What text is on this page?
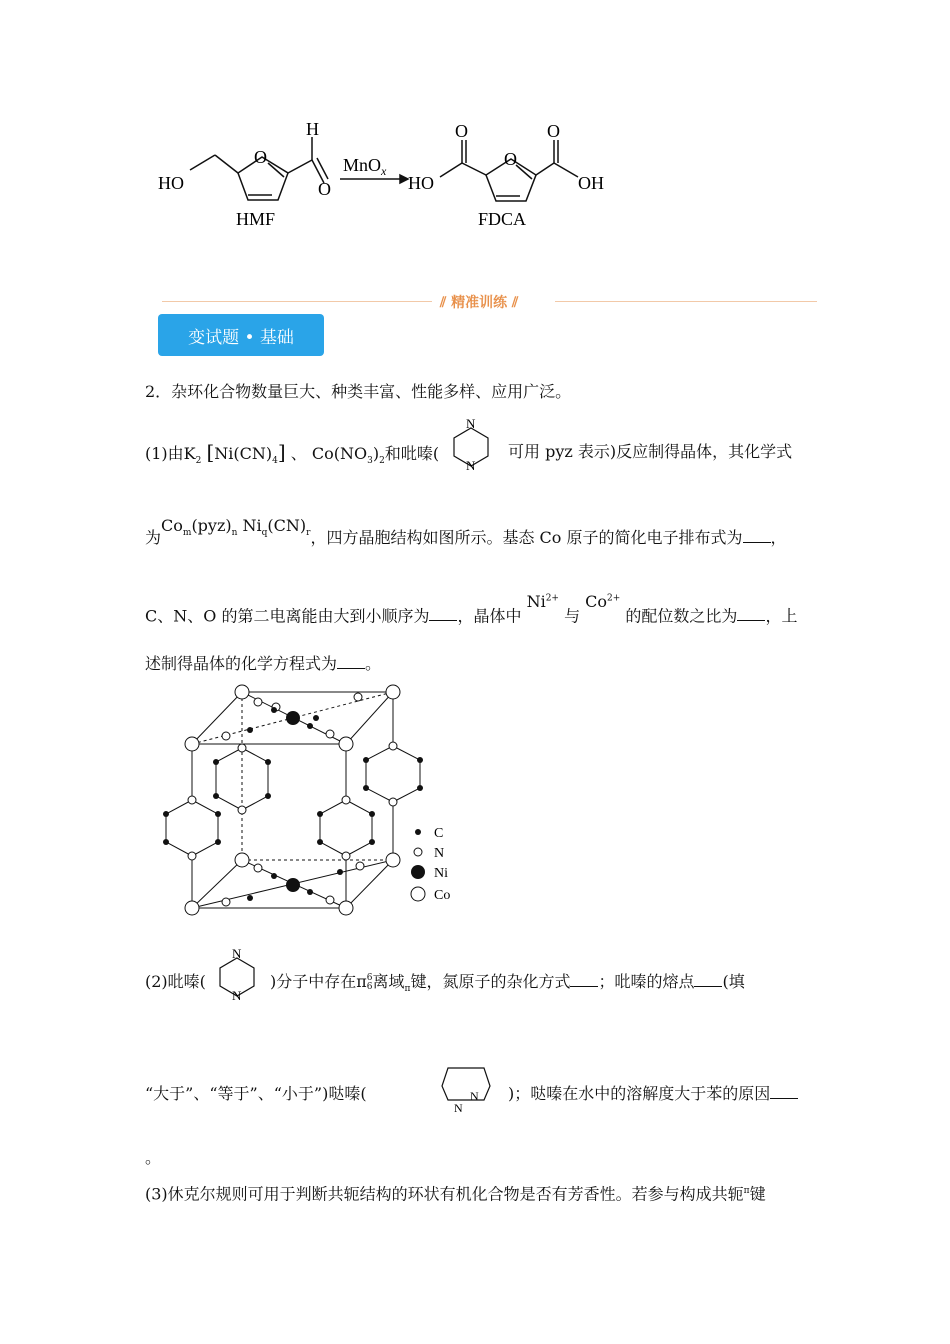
HO
O
H
O
MnO$_x$
HMF
O	O
O
HO	OH
FDCA
⫽ 精准训练 ⫽
变试题 • 基础
2．杂环化合物数量巨大、种类丰富、性能多样、应用广泛。
(1)由$K_2$ $[Ni(CN)_4]$ 、 $Co(NO_3)_2$和吡嗪(
N
N
可用 pyz 表示)反应制得晶体，其化学式
为$Co_m(pyz)_n$ $Ni_q(CN)_r$，四方晶胞结构如图所示。基态 Co 原子的简化电子排布式为 ，
C、N、O 的第二电离能由大到小顺序为 ，晶体中 $Ni^{2+}$ 与 $Co^{2+}$ 的配位数之比为 ，上
述制得晶体的化学方程式为 。
C
N
Ni
Co
(2)吡嗪(
N
N
)分子中存在π6
6离域$_\pi$键，氮原子的杂化方式 ；吡嗪的熔点 (填
“大于”、“等于”、“小于”)哒嗪(
N
N )；哒嗪在水中的溶解度大于苯的原因
。
(3)休克尔规则可用于判断共轭结构的环状有机化合物是否有芳香性。若参与构成共轭$^\pi$键
